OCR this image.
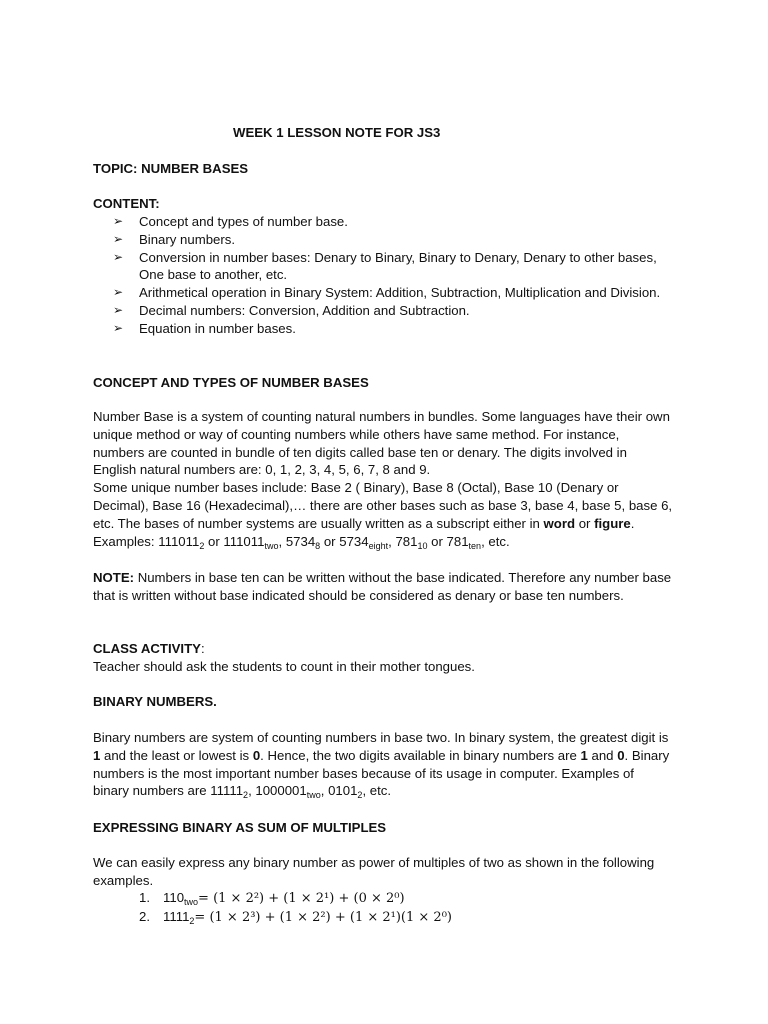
WEEK 1 LESSON NOTE FOR JS3
TOPIC: NUMBER BASES
CONTENT:
➢ Concept and types of number base.
➢ Binary numbers.
➢ Conversion in number bases: Denary to Binary, Binary to Denary, Denary to other bases, One base to another, etc.
➢ Arithmetical operation in Binary System: Addition, Subtraction, Multiplication and Division.
➢ Decimal numbers: Conversion, Addition and Subtraction.
➢ Equation in number bases.
CONCEPT AND TYPES OF NUMBER BASES

Number Base is a system of counting natural numbers in bundles. Some languages have their own unique method or way of counting numbers while others have same method. For instance, numbers are counted in bundle of ten digits called base ten or denary. The digits involved in English natural numbers are: 0, 1, 2, 3, 4, 5, 6, 7, 8 and 9.

Some unique number bases include: Base 2 ( Binary), Base 8 (Octal), Base 10 (Denary or Decimal), Base 16 (Hexadecimal),… there are other bases such as base 3, base 4, base 5, base 6, etc. The bases of number systems are usually written as a subscript either in word or figure. Examples: $111011_2$ or $111011_{two}$, $5734_8$ or $5734_{eight}$, $781_{10}$ or $781_{ten}$, etc.

NOTE: Numbers in base ten can be written without the base indicated. Therefore any number base that is written without base indicated should be considered as denary or base ten numbers.

CLASS ACTIVITY:

Teacher should ask the students to count in their mother tongues.

BINARY NUMBERS.

Binary numbers are system of counting numbers in base two. In binary system, the greatest digit is 1 and the least or lowest is 0. Hence, the two digits available in binary numbers are 1 and 0. Binary numbers is the most important number bases because of its usage in computer. Examples of binary numbers are $11111_2$, $1000001_{two}$, $0101_2$, etc.

EXPRESSING BINARY AS SUM OF MULTIPLES
We can easily express any binary number as power of multiples of two as shown in the following examples.
1. $110_{two}= (1 \times 2^2) + (1 \times 2^1) + (0 \times 2^0)$
2. $1111_2= (1 \times 2^3) + (1 \times 2^2) + (1 \times 2^1)(1 \times 2^0)$
